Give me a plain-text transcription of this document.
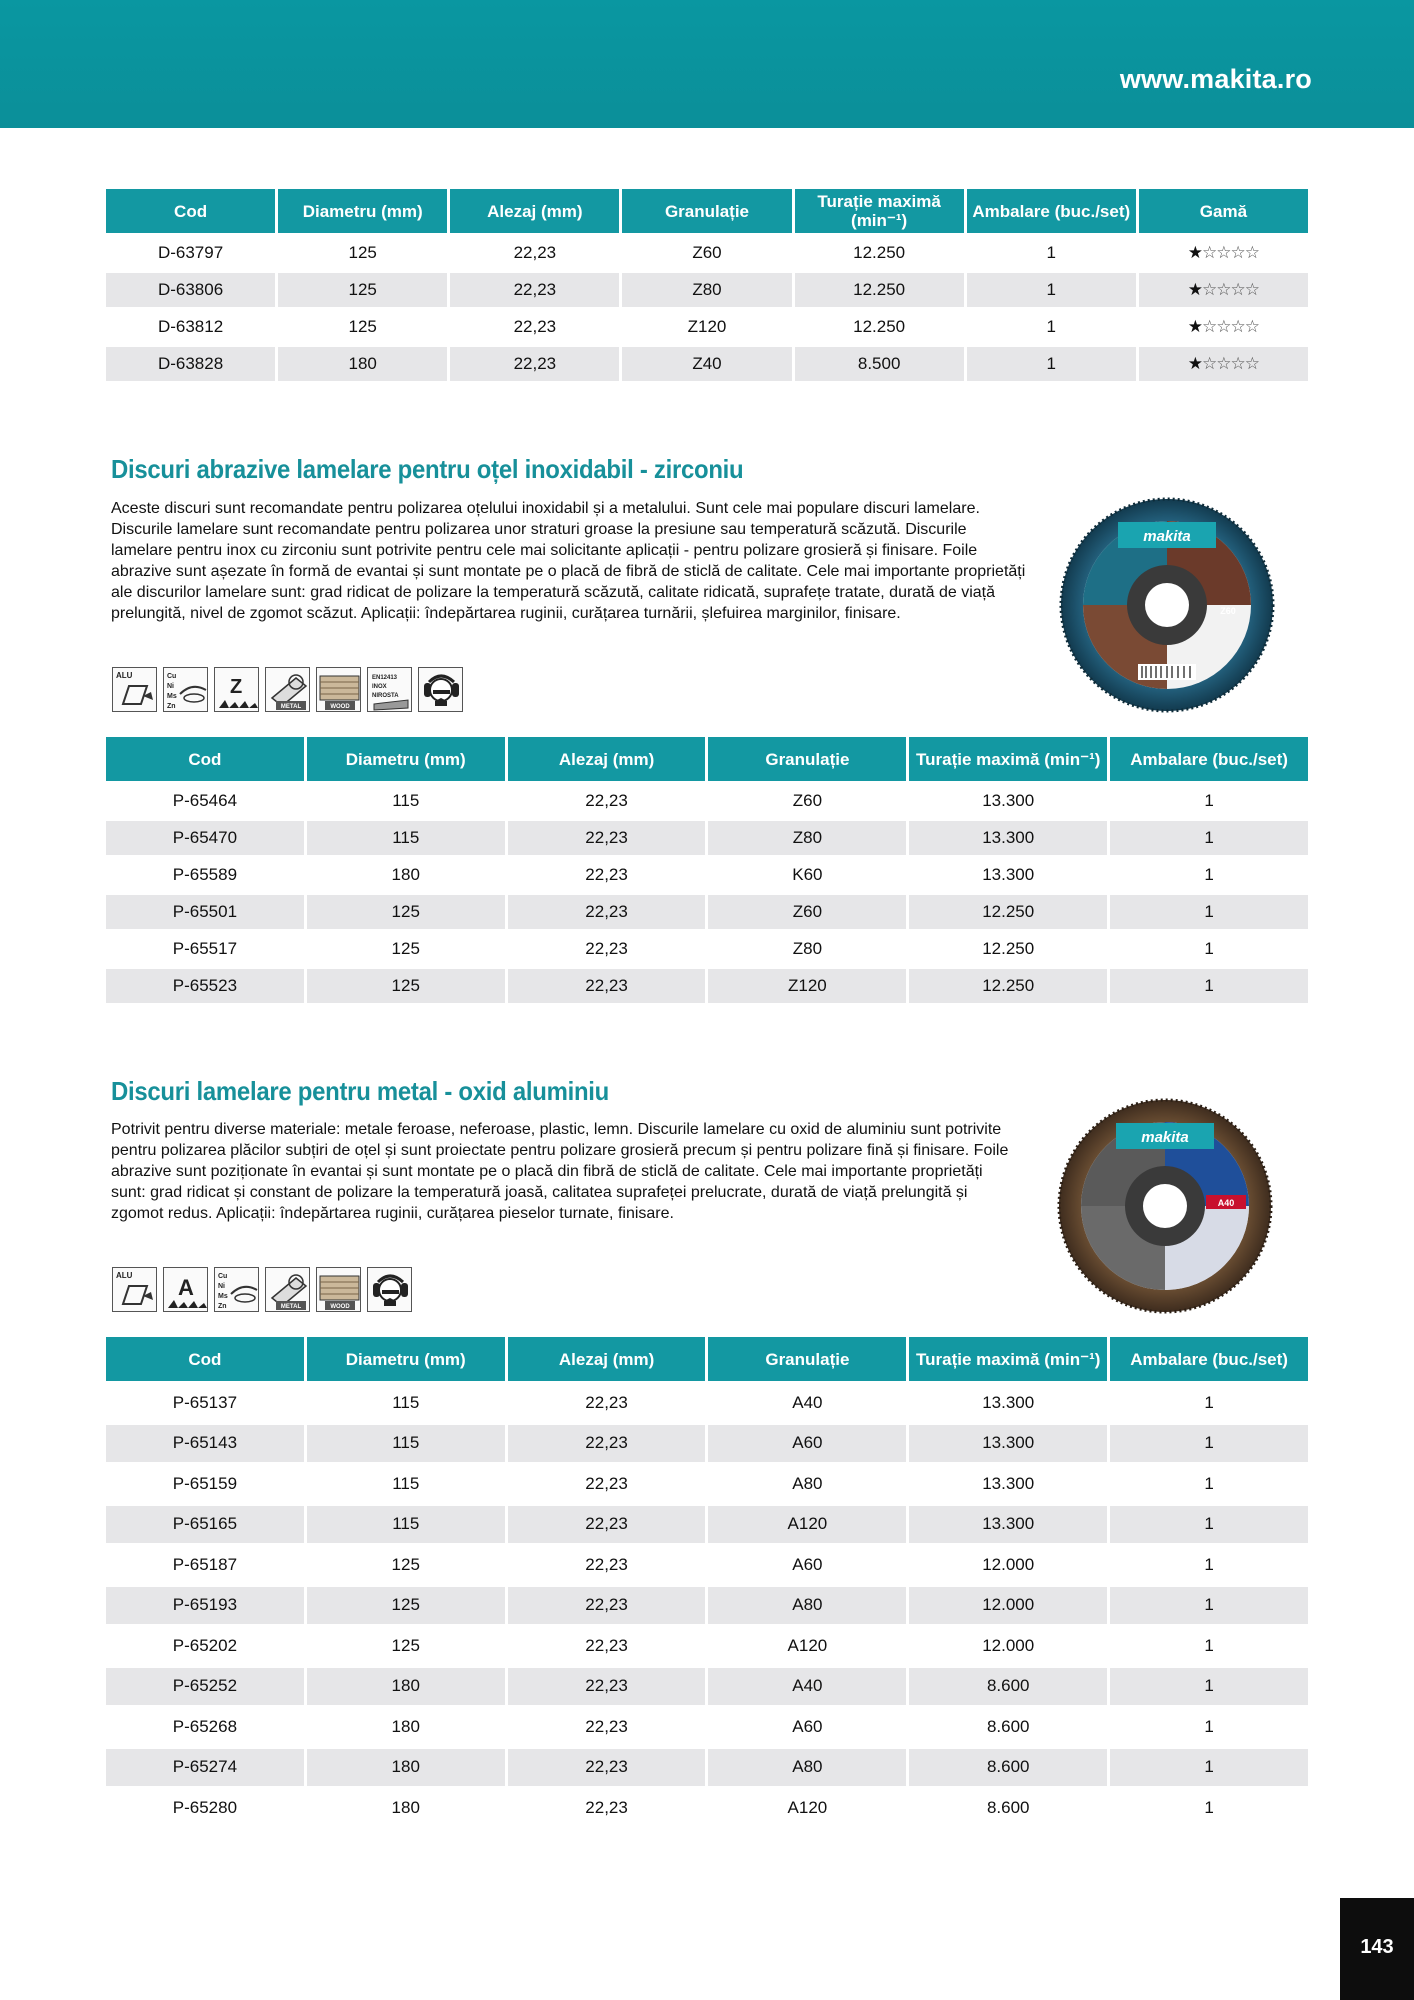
www.makita.ro
Cod	Diametru (mm)	Alezaj (mm)	Granulație	Turație maximă (min⁻¹)	Ambalare (buc./set)	Gamă
D-63797	125	22,23	Z60	12.250	1	★☆☆☆☆
D-63806	125	22,23	Z80	12.250	1	★☆☆☆☆
D-63812	125	22,23	Z120	12.250	1	★☆☆☆☆
D-63828	180	22,23	Z40	8.500	1	★☆☆☆☆
Discuri abrazive lamelare pentru oțel inoxidabil - zirconiu

Aceste discuri sunt recomandate pentru polizarea oțelului inoxidabil și a metalului. Sunt cele mai populare discuri lamelare. Discurile lamelare sunt recomandate pentru polizarea unor straturi groase la presiune sau temperatură scăzută. Discurile lamelare pentru inox cu zirconiu sunt potrivite pentru cele mai solicitante aplicații - pentru polizare grosieră și finisare. Foile abrazive sunt așezate în formă de evantai și sunt montate pe o placă de fibră de sticlă de calitate. Cele mai importante proprietăți ale discurilor lamelare sunt: grad ridicat de polizare la temperatură scăzută, calitate ridicată, suprafețe tratate, durată de viață prelungită, nivel de zgomot scăzut. Aplicații: îndepărtarea ruginii, curățarea turnării, șlefuirea marginilor, finisare.

ALU	Cu
Ni
Ms
Zn
Z
METAL	WOOD
EN12413
INOX
NIROSTA
makita
Z60
Cod	Diametru (mm)	Alezaj (mm)	Granulație	Turație maximă (min⁻¹)	Ambalare (buc./set)
P-65464	115	22,23	Z60	13.300	1
P-65470	115	22,23	Z80	13.300	1
P-65589	180	22,23	K60	13.300	1
P-65501	125	22,23	Z60	12.250	1
P-65517	125	22,23	Z80	12.250	1
P-65523	125	22,23	Z120	12.250	1
Discuri lamelare pentru metal - oxid aluminiu

Potrivit pentru diverse materiale: metale feroase, neferoase, plastic, lemn. Discurile lamelare cu oxid de aluminiu sunt potrivite pentru polizarea plăcilor subțiri de oțel și sunt proiectate pentru polizare grosieră precum și pentru polizare fină și finisare. Foile abrazive sunt poziționate în evantai și sunt montate pe o placă din fibră de sticlă de calitate. Cele mai importante proprietăți sunt: grad ridicat și constant de polizare la temperatură joasă, calitatea suprafeței prelucrate, durată de viață prelungită și zgomot redus. Aplicații: îndepărtarea ruginii, curățarea pieselor turnate, finisare.

ALU A	Cu
Ni
Ms
Zn	METAL	WOOD
makita
A40
Cod	Diametru (mm)	Alezaj (mm)	Granulație	Turație maximă (min⁻¹)	Ambalare (buc./set)
P-65137	115	22,23	A40	13.300	1
P-65143	115	22,23	A60	13.300	1
P-65159	115	22,23	A80	13.300	1
P-65165	115	22,23	A120	13.300	1
P-65187	125	22,23	A60	12.000	1
P-65193	125	22,23	A80	12.000	1
P-65202	125	22,23	A120	12.000	1
P-65252	180	22,23	A40	8.600	1
P-65268	180	22,23	A60	8.600	1
P-65274	180	22,23	A80	8.600	1
P-65280	180	22,23	A120	8.600	1
143
